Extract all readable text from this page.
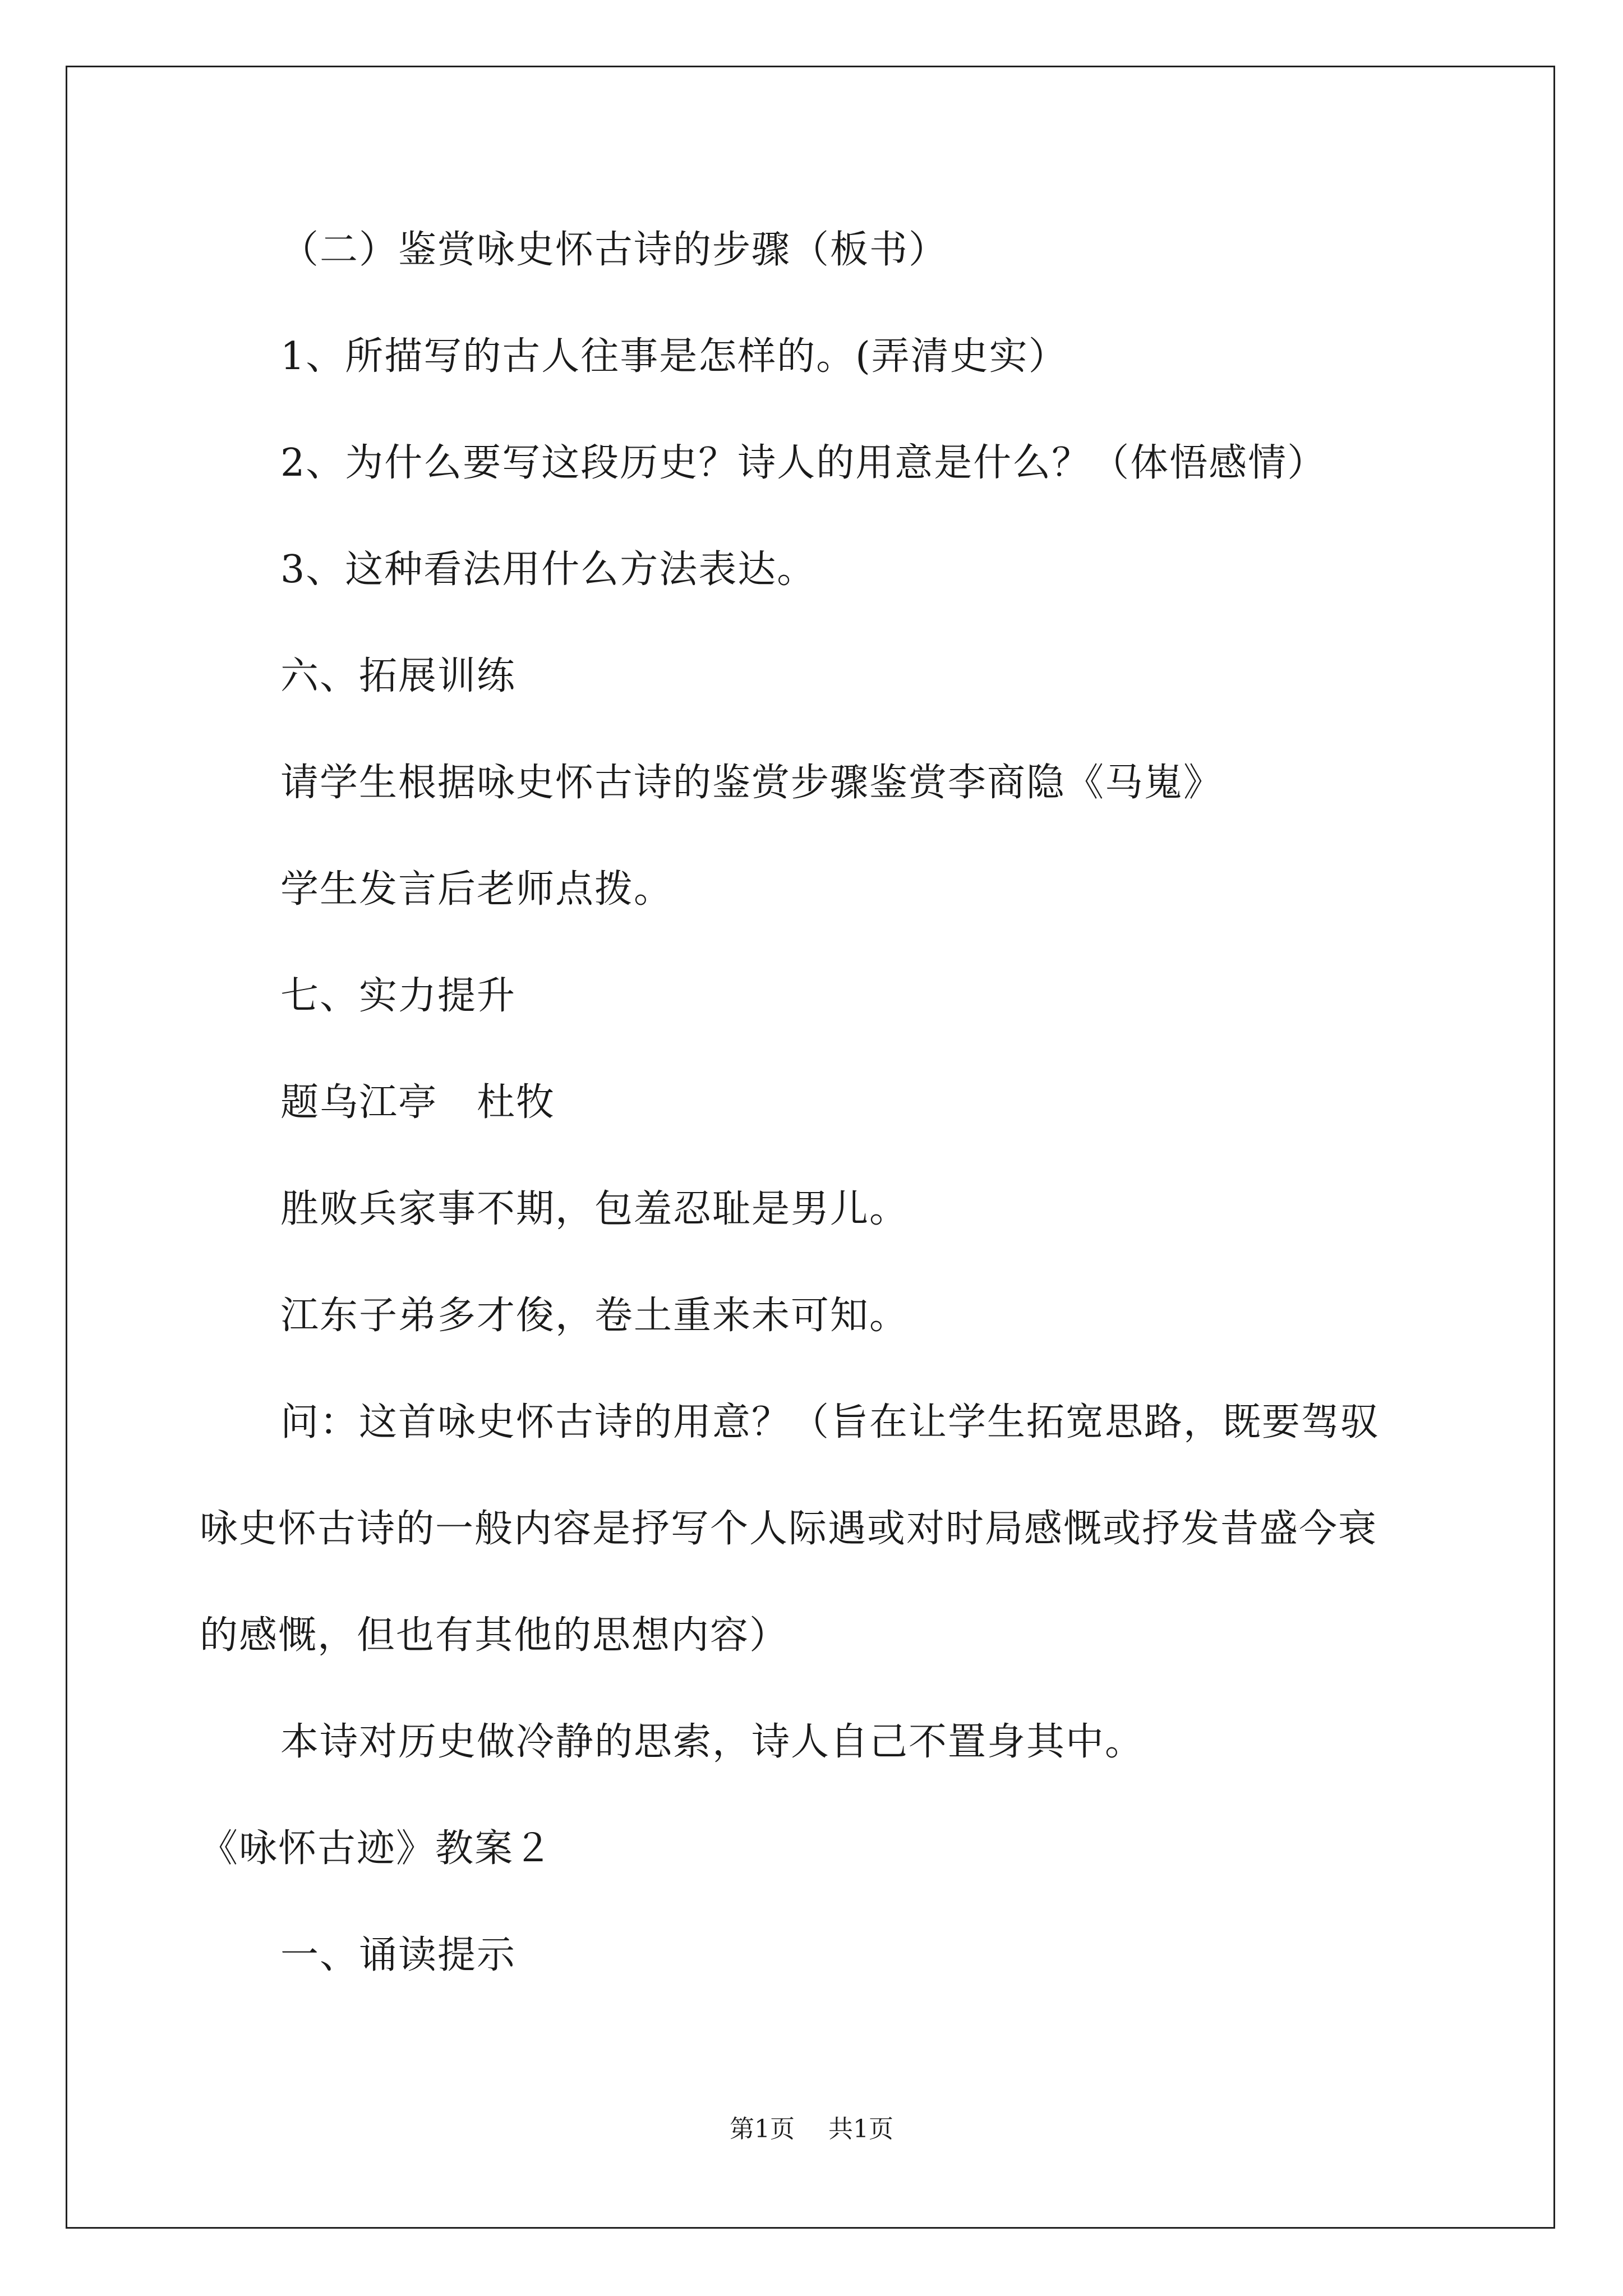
（二）鉴赏咏史怀古诗的步骤（板书）
1、所描写的古人往事是怎样的。(弄清史实）
2、为什么要写这段历史？诗人的用意是什么？（体悟感情）
3、这种看法用什么方法表达。
六、拓展训练
请学生根据咏史怀古诗的鉴赏步骤鉴赏李商隐《马嵬》
学生发言后老师点拨。
七、实力提升
题乌江亭　杜牧
胜败兵家事不期，包羞忍耻是男儿。
江东子弟多才俊，卷土重来未可知。
问：这首咏史怀古诗的用意？（旨在让学生拓宽思路，既要驾驭
咏史怀古诗的一般内容是抒写个人际遇或对时局感慨或抒发昔盛今衰
的感慨，但也有其他的思想内容）
本诗对历史做冷静的思索，诗人自己不置身其中。
《咏怀古迹》教案２
一、诵读提示
第1页 共1页
